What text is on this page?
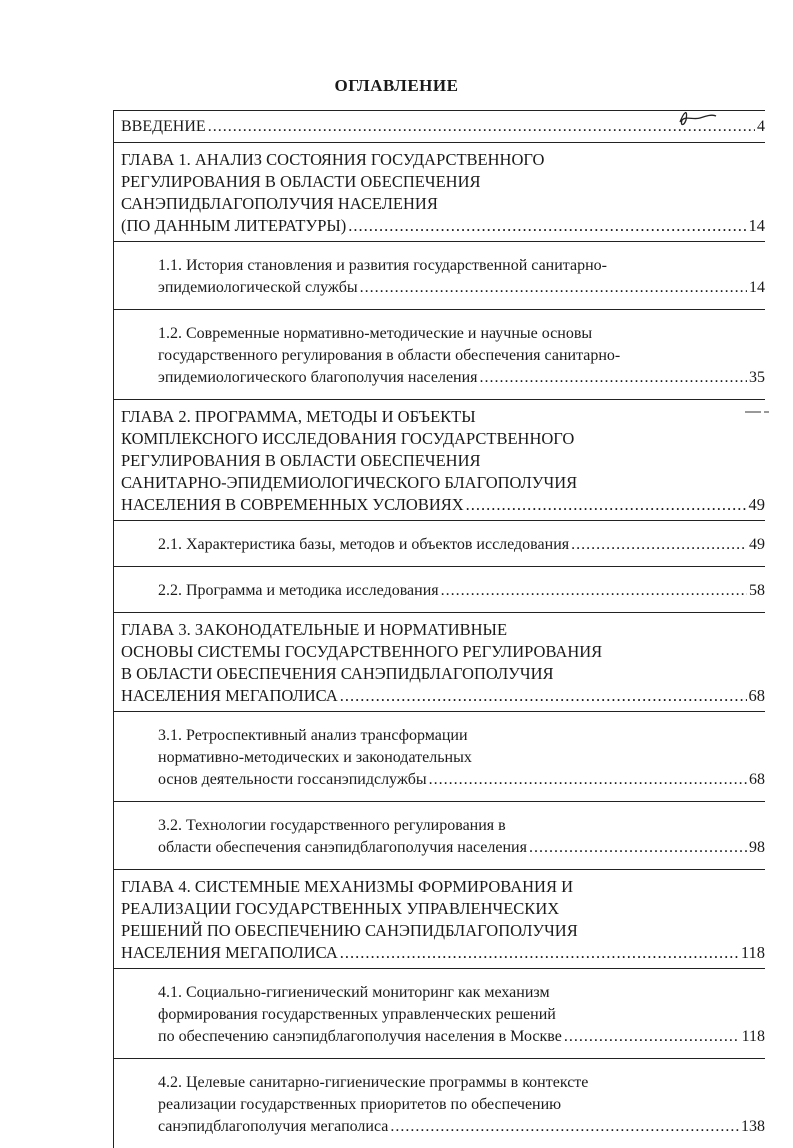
ОГЛАВЛЕНИЕ
ВВЕДЕНИЕ .....	4
ГЛАВА 1. АНАЛИЗ СОСТОЯНИЯ ГОСУДАРСТВЕННОГО
РЕГУЛИРОВАНИЯ В ОБЛАСТИ ОБЕСПЕЧЕНИЯ
САНЭПИДБЛАГОПОЛУЧИЯ НАСЕЛЕНИЯ
(ПО ДАННЫМ ЛИТЕРАТУРЫ) .....	14
1.1. История становления и развития государственной санитарно-
эпидемиологической службы .....	14
1.2. Современные нормативно-методические и научные основы
государственного регулирования в области обеспечения санитарно-
эпидемиологического благополучия населения .....	35
ГЛАВА 2. ПРОГРАММА, МЕТОДЫ И ОБЪЕКТЫ
КОМПЛЕКСНОГО ИССЛЕДОВАНИЯ ГОСУДАРСТВЕННОГО
РЕГУЛИРОВАНИЯ В ОБЛАСТИ ОБЕСПЕЧЕНИЯ
САНИТАРНО-ЭПИДЕМИОЛОГИЧЕСКОГО БЛАГОПОЛУЧИЯ
НАСЕЛЕНИЯ В СОВРЕМЕННЫХ УСЛОВИЯХ .....	49
2.1. Характеристика базы, методов и объектов исследования .....	49
2.2. Программа и методика исследования .....	58
ГЛАВА 3. ЗАКОНОДАТЕЛЬНЫЕ И НОРМАТИВНЫЕ
ОСНОВЫ СИСТЕМЫ ГОСУДАРСТВЕННОГО РЕГУЛИРОВАНИЯ
В ОБЛАСТИ ОБЕСПЕЧЕНИЯ САНЭПИДБЛАГОПОЛУЧИЯ
НАСЕЛЕНИЯ МЕГАПОЛИСА .....	68
3.1. Ретроспективный анализ трансформации
нормативно-методических и законодательных
основ деятельности госсанэпидслужбы .....	68
3.2. Технологии государственного регулирования в
области обеспечения санэпидблагополучия населения .....	98
ГЛАВА 4. СИСТЕМНЫЕ МЕХАНИЗМЫ ФОРМИРОВАНИЯ И
РЕАЛИЗАЦИИ ГОСУДАРСТВЕННЫХ УПРАВЛЕНЧЕСКИХ
РЕШЕНИЙ ПО ОБЕСПЕЧЕНИЮ САНЭПИДБЛАГОПОЛУЧИЯ
НАСЕЛЕНИЯ МЕГАПОЛИСА .....	118
4.1. Социально-гигиенический мониторинг как механизм
формирования государственных управленческих решений
по обеспечению санэпидблагополучия населения в Москве .....	118
4.2. Целевые санитарно-гигиенические программы в контексте
реализации государственных приоритетов по обеспечению
санэпидблагополучия мегаполиса .....	138
